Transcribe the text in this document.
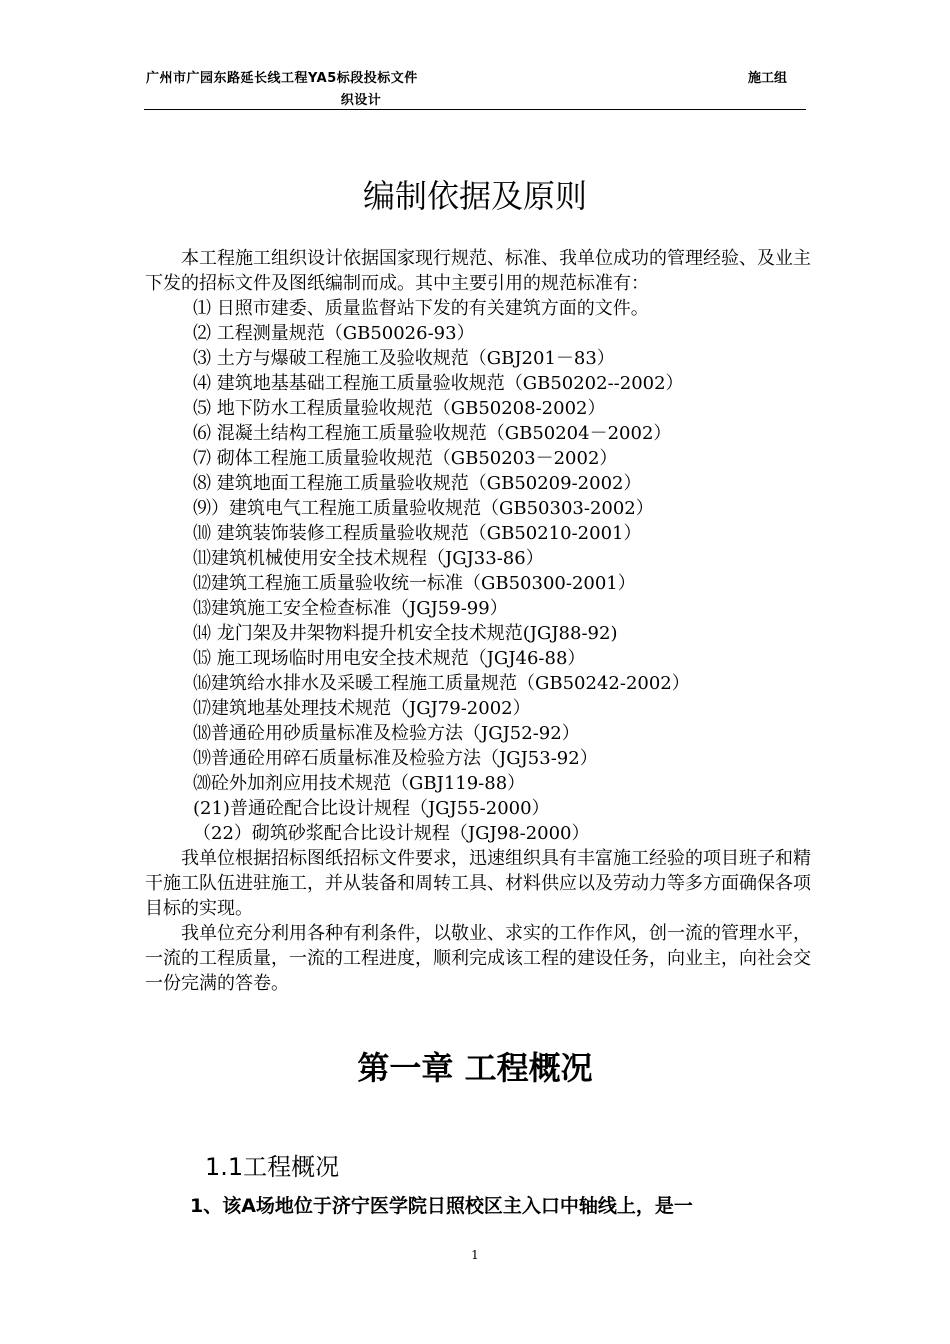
广州市广园东路延长线工程YA5标段投标文件
织设计
施工组
编制依据及原则

本工程施工组织设计依据国家现行规范、标准、我单位成功的管理经验、及业主下发的招标文件及图纸编制而成。其中主要引用的规范标准有：

⑴ 日照市建委、质量监督站下发的有关建筑方面的文件。
⑵ 工程测量规范（GB50026-93）
⑶ 土方与爆破工程施工及验收规范（GBJ201－83）
⑷ 建筑地基基础工程施工质量验收规范（GB50202--2002）
⑸ 地下防水工程质量验收规范（GB50208-2002）
⑹ 混凝土结构工程施工质量验收规范（GB50204－2002）
⑺ 砌体工程施工质量验收规范（GB50203－2002）
⑻ 建筑地面工程施工质量验收规范（GB50209-2002）
⑼）建筑电气工程施工质量验收规范（GB50303-2002）
⑽ 建筑装饰装修工程质量验收规范（GB50210-2001）
⑾建筑机械使用安全技术规程（JGJ33-86）
⑿建筑工程施工质量验收统一标准（GB50300-2001）
⒀建筑施工安全检查标准（JGJ59-99）
⒁ 龙门架及井架物料提升机安全技术规范(JGJ88-92)
⒂ 施工现场临时用电安全技术规范（JGJ46-88）
⒃建筑给水排水及采暖工程施工质量规范（GB50242-2002）
⒄建筑地基处理技术规范（JGJ79-2002）
⒅普通砼用砂质量标准及检验方法（JGJ52-92）
⒆普通砼用碎石质量标准及检验方法（JGJ53-92）
⒇砼外加剂应用技术规范（GBJ119-88）
(21)普通砼配合比设计规程（JGJ55-2000）
（22）砌筑砂浆配合比设计规程（JGJ98-2000）

我单位根据招标图纸招标文件要求，迅速组织具有丰富施工经验的项目班子和精干施工队伍进驻施工，并从装备和周转工具、材料供应以及劳动力等多方面确保各项目标的实现。

我单位充分利用各种有利条件，以敬业、求实的工作作风，创一流的管理水平，一流的工程质量，一流的工程进度，顺利完成该工程的建设任务，向业主，向社会交一份完满的答卷。

第一章 工程概况
1.1工程概况
1、该A场地位于济宁医学院日照校区主入口中轴线上，是一
1
